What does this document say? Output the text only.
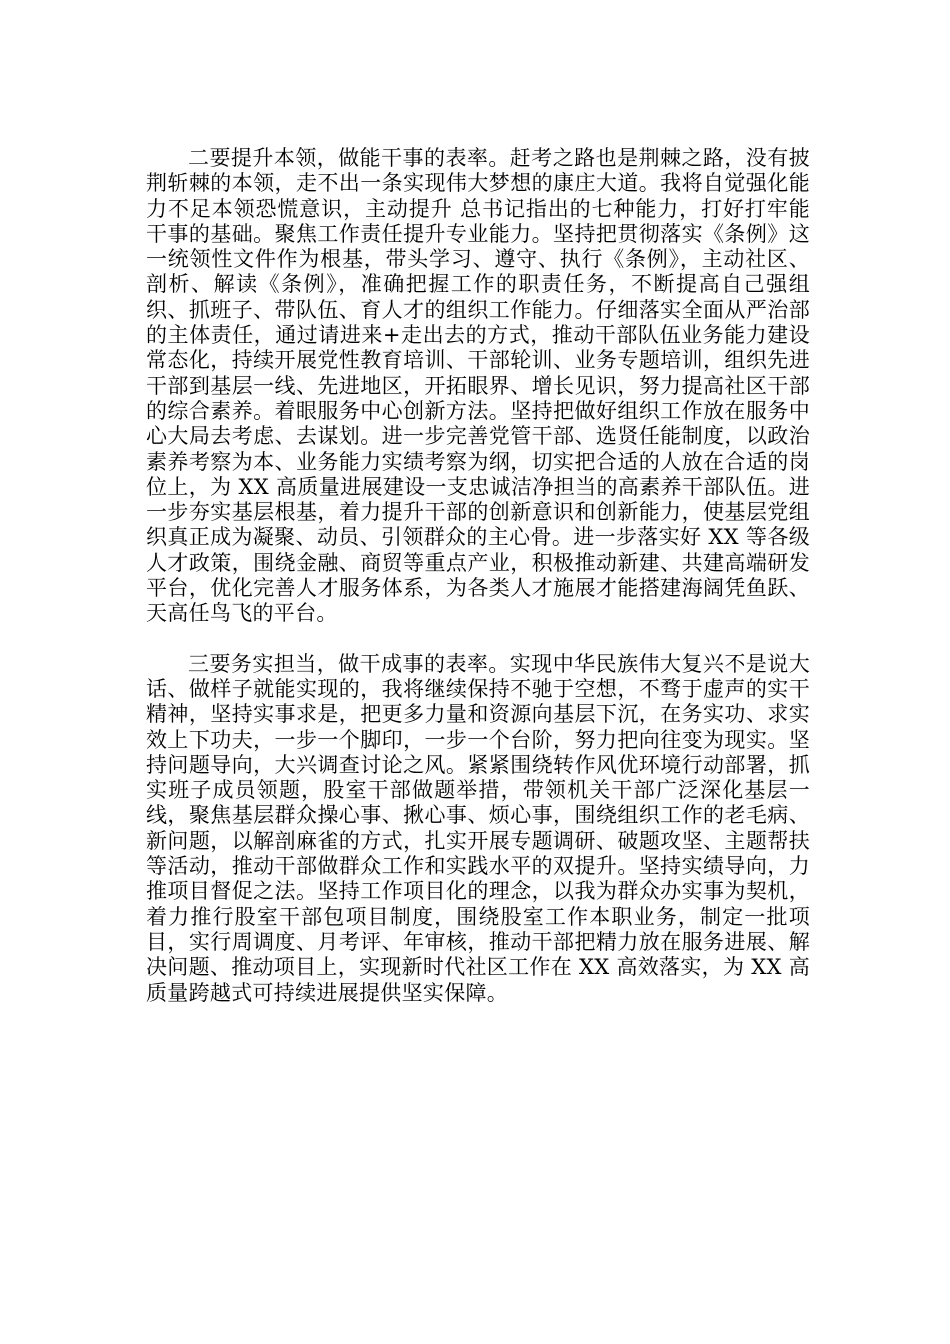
二要提升本领，做能干事的表率。赶考之路也是荆棘之路，没有披荆斩棘的本领，走不出一条实现伟大梦想的康庄大道。我将自觉强化能力不足本领恐慌意识，主动提升 总书记指出的七种能力，打好打牢能干事的基础。聚焦工作责任提升专业能力。坚持把贯彻落实《条例》这一统领性文件作为根基，带头学习、遵守、执行《条例》，主动社区、剖析、解读《条例》，准确把握工作的职责任务，不断提高自己强组织、抓班子、带队伍、育人才的组织工作能力。仔细落实全面从严治部的主体责任，通过请进来+走出去的方式，推动干部队伍业务能力建设常态化，持续开展党性教育培训、干部轮训、业务专题培训，组织先进干部到基层一线、先进地区，开拓眼界、增长见识，努力提高社区干部的综合素养。着眼服务中心创新方法。坚持把做好组织工作放在服务中心大局去考虑、去谋划。进一步完善党管干部、选贤任能制度，以政治素养考察为本、业务能力实绩考察为纲，切实把合适的人放在合适的岗位上，为 XX 高质量进展建设一支忠诚洁净担当的高素养干部队伍。进一步夯实基层根基，着力提升干部的创新意识和创新能力，使基层党组织真正成为凝聚、动员、引领群众的主心骨。进一步落实好 XX 等各级人才政策，围绕金融、商贸等重点产业，积极推动新建、共建高端研发平台，优化完善人才服务体系，为各类人才施展才能搭建海阔凭鱼跃、天高任鸟飞的平台。

三要务实担当，做干成事的表率。实现中华民族伟大复兴不是说大话、做样子就能实现的，我将继续保持不驰于空想，不骛于虚声的实干精神，坚持实事求是，把更多力量和资源向基层下沉，在务实功、求实效上下功夫，一步一个脚印，一步一个台阶，努力把向往变为现实。坚持问题导向，大兴调查讨论之风。紧紧围绕转作风优环境行动部署，抓实班子成员领题，股室干部做题举措，带领机关干部广泛深化基层一线，聚焦基层群众操心事、揪心事、烦心事，围绕组织工作的老毛病、新问题，以解剖麻雀的方式，扎实开展专题调研、破题攻坚、主题帮扶等活动，推动干部做群众工作和实践水平的双提升。坚持实绩导向，力推项目督促之法。坚持工作项目化的理念，以我为群众办实事为契机，着力推行股室干部包项目制度，围绕股室工作本职业务，制定一批项目，实行周调度、月考评、年审核，推动干部把精力放在服务进展、解决问题、推动项目上，实现新时代社区工作在 XX 高效落实，为 XX 高质量跨越式可持续进展提供坚实保障。
